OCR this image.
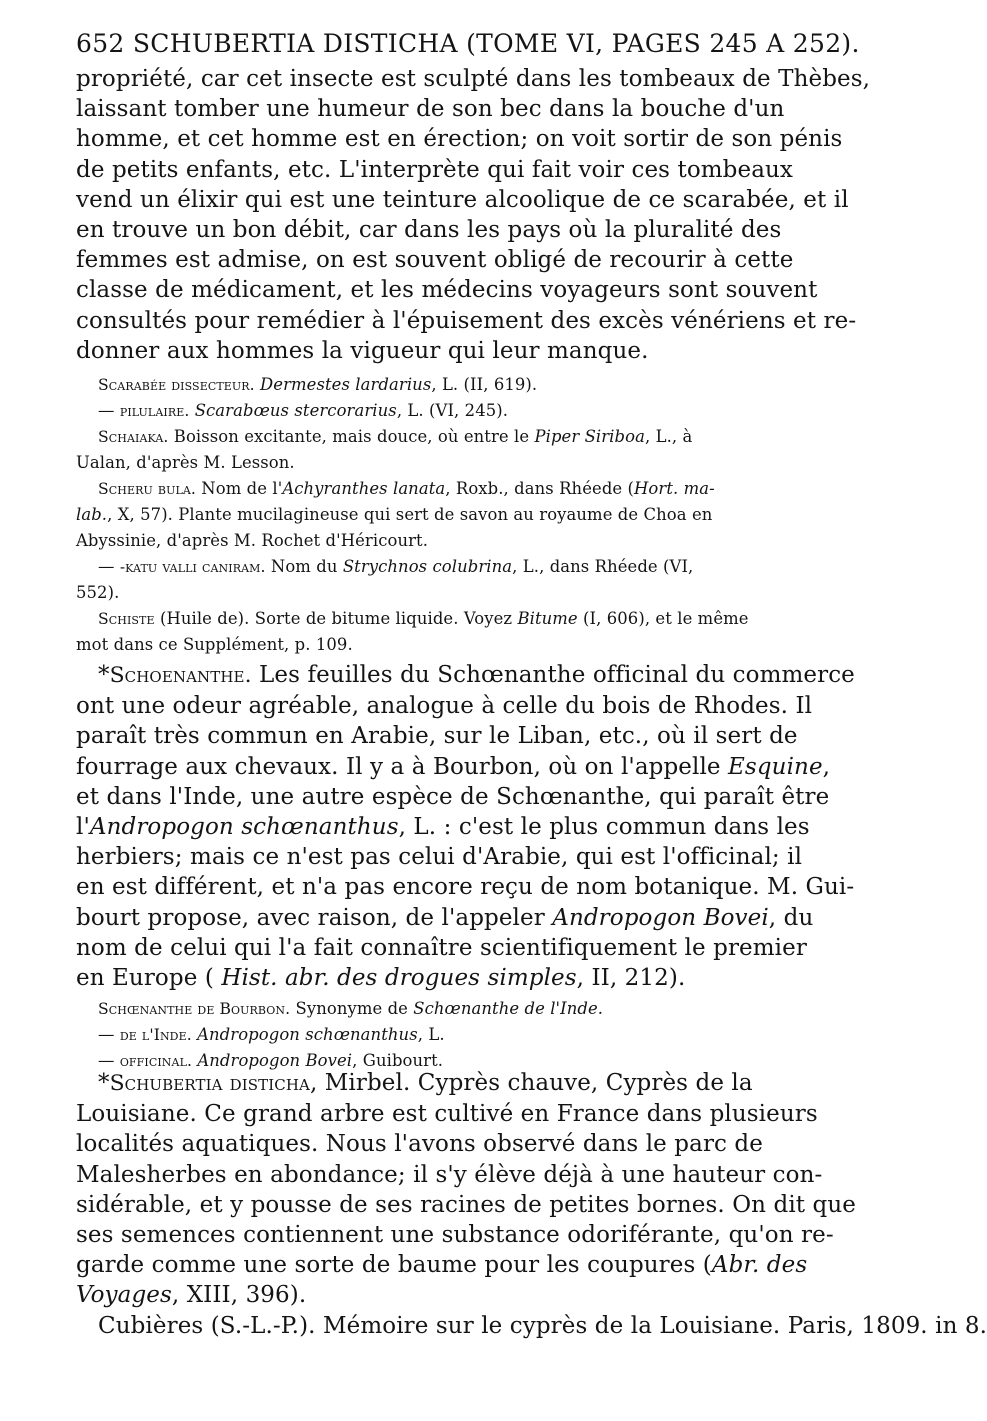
652 SCHUBERTIA DISTICHA (TOME VI, PAGES 245 A 252).
propriété, car cet insecte est sculpté dans les tombeaux de Thèbes,
laissant tomber une humeur de son bec dans la bouche d'un
homme, et cet homme est en érection; on voit sortir de son pénis
de petits enfants, etc. L'interprète qui fait voir ces tombeaux
vend un élixir qui est une teinture alcoolique de ce scarabée, et il
en trouve un bon débit, car dans les pays où la pluralité des
femmes est admise, on est souvent obligé de recourir à cette
classe de médicament, et les médecins voyageurs sont souvent
consultés pour remédier à l'épuisement des excès vénériens et re-
donner aux hommes la vigueur qui leur manque.
Scarabée dissecteur. Dermestes lardarius, L. (II, 619).
— pilulaire. Scarabœus stercorarius, L. (VI, 245).
Schaiaka. Boisson excitante, mais douce, où entre le Piper Siriboa, L., à
Ualan, d'après M. Lesson.
Scheru bula. Nom de l'Achyranthes lanata, Roxb., dans Rhéede (Hort. ma-
lab., X, 57). Plante mucilagineuse qui sert de savon au royaume de Choa en
Abyssinie, d'après M. Rochet d'Héricourt.
— -katu valli caniram. Nom du Strychnos colubrina, L., dans Rhéede (VI,
552).
Schiste (Huile de). Sorte de bitume liquide. Voyez Bitume (I, 606), et le même
mot dans ce Supplément, p. 109.
*Schoenanthe. Les feuilles du Schœnanthe officinal du commerce
ont une odeur agréable, analogue à celle du bois de Rhodes. Il
paraît très commun en Arabie, sur le Liban, etc., où il sert de
fourrage aux chevaux. Il y a à Bourbon, où on l'appelle Esquine,
et dans l'Inde, une autre espèce de Schœnanthe, qui paraît être
l'Andropogon schœnanthus, L. : c'est le plus commun dans les
herbiers; mais ce n'est pas celui d'Arabie, qui est l'officinal; il
en est différent, et n'a pas encore reçu de nom botanique. M. Gui-
bourt propose, avec raison, de l'appeler Andropogon Bovei, du
nom de celui qui l'a fait connaître scientifiquement le premier
en Europe ( Hist. abr. des drogues simples, II, 212).
Schœnanthe de Bourbon. Synonyme de Schœnanthe de l'Inde.
— de l'Inde. Andropogon schœnanthus, L.
— officinal. Andropogon Bovei, Guibourt.
*Schubertia disticha, Mirbel. Cyprès chauve, Cyprès de la
Louisiane. Ce grand arbre est cultivé en France dans plusieurs
localités aquatiques. Nous l'avons observé dans le parc de
Malesherbes en abondance; il s'y élève déjà à une hauteur con-
sidérable, et y pousse de ses racines de petites bornes. On dit que
ses semences contiennent une substance odoriférante, qu'on re-
garde comme une sorte de baume pour les coupures (Abr. des
Voyages, XIII, 396).
Cubières (S.-L.-P.). Mémoire sur le cyprès de la Louisiane. Paris, 1809. in 8.
